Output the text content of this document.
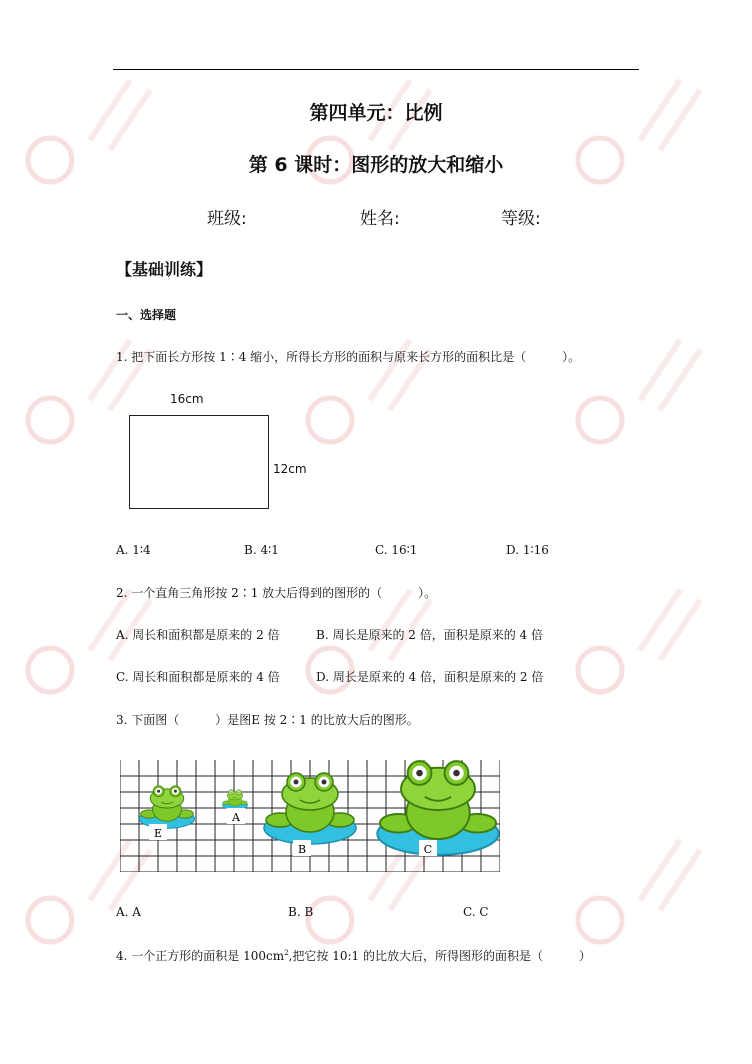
第四单元：比例
第 6 课时：图形的放大和缩小
班级:	姓名:	等级:
【基础训练】
一、选择题
1. 把下面长方形按 1∶4 缩小，所得长方形的面积与原来长方形的面积比是（　　　）。
16cm
12cm
A. 1∶4	B. 4∶1	C. 16∶1	D. 1∶16
2. 一个直角三角形按 2∶1 放大后得到的图形的（　　　）。
A. 周长和面积都是原来的 2 倍	B. 周长是原来的 2 倍，面积是原来的 4 倍
C. 周长和面积都是原来的 4 倍	D. 周长是原来的 4 倍，面积是原来的 2 倍
3. 下面图（　　　）是图E 按 2∶1 的比放大后的图形。
E
A
B	C
A. A	B. B	C. C
4. 一个正方形的面积是 $100cm^2$,把它按 10:1 的比放大后，所得图形的面积是（　　　）
